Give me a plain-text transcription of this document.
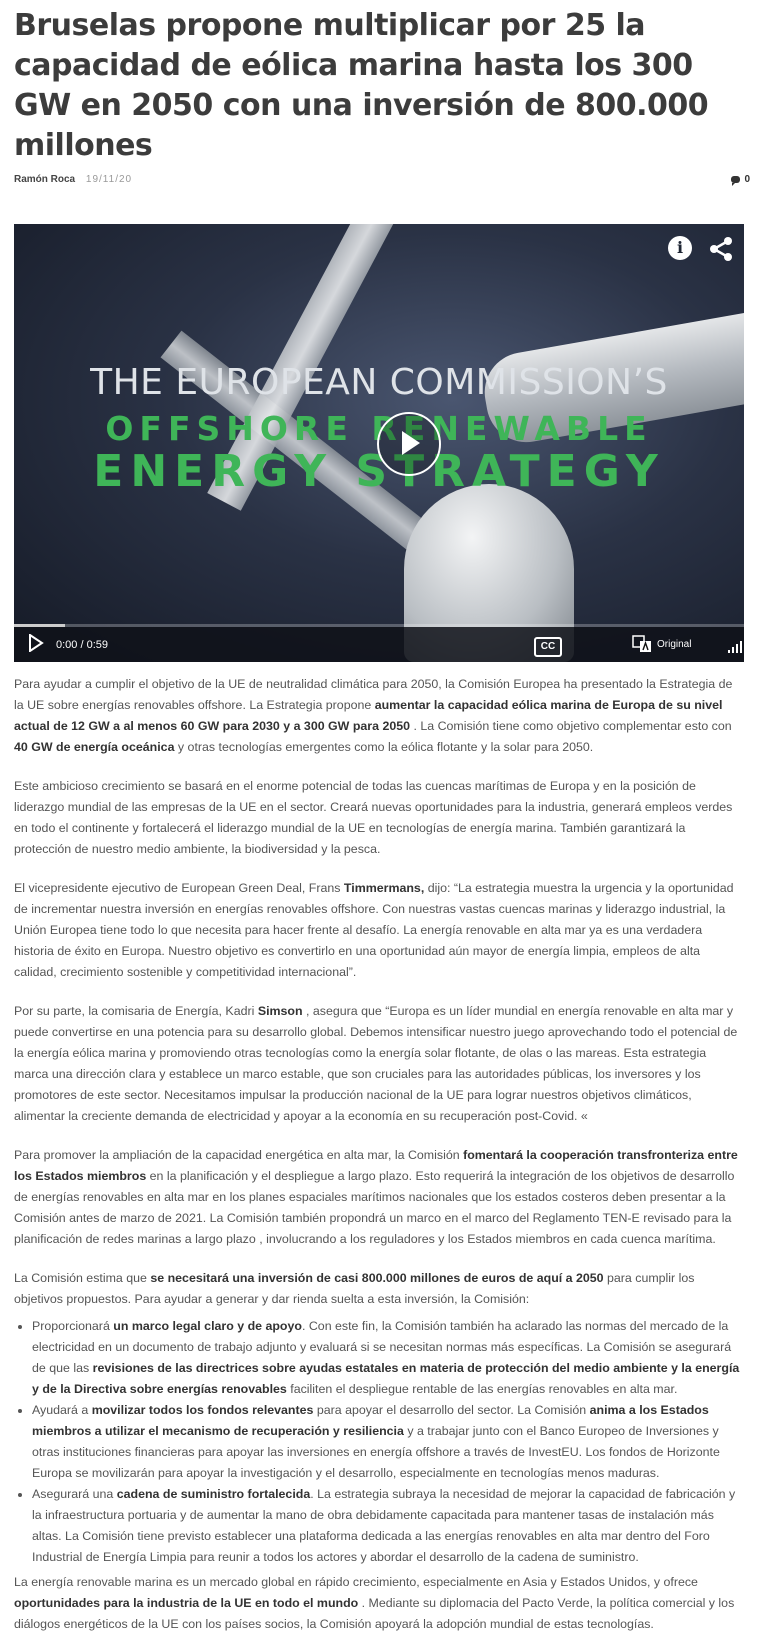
Bruselas propone multiplicar por 25 la capacidad de eólica marina hasta los 300 GW en 2050 con una inversión de 800.000 millones
Ramón Roca 19/11/20	0
THE EUROPEAN COMMISSION’S
OFFSHORE RENEWABLE
ENERGY STRATEGY
i
0:00 / 0:59	CC	Original

Para ayudar a cumplir el objetivo de la UE de neutralidad climática para 2050, la Comisión Europea ha presentado la Estrategia de la UE sobre energías renovables offshore. La Estrategia propone aumentar la capacidad eólica marina de Europa de su nivel actual de 12 GW a al menos 60 GW para 2030 y a 300 GW para 2050 . La Comisión tiene como objetivo complementar esto con 40 GW de energía oceánica y otras tecnologías emergentes como la eólica flotante y la solar para 2050.

Este ambicioso crecimiento se basará en el enorme potencial de todas las cuencas marítimas de Europa y en la posición de liderazgo mundial de las empresas de la UE en el sector. Creará nuevas oportunidades para la industria, generará empleos verdes en todo el continente y fortalecerá el liderazgo mundial de la UE en tecnologías de energía marina. También garantizará la protección de nuestro medio ambiente, la biodiversidad y la pesca.

El vicepresidente ejecutivo de European Green Deal, Frans Timmermans, dijo: “La estrategia muestra la urgencia y la oportunidad de incrementar nuestra inversión en energías renovables offshore. Con nuestras vastas cuencas marinas y liderazgo industrial, la Unión Europea tiene todo lo que necesita para hacer frente al desafío. La energía renovable en alta mar ya es una verdadera historia de éxito en Europa. Nuestro objetivo es convertirlo en una oportunidad aún mayor de energía limpia, empleos de alta calidad, crecimiento sostenible y competitividad internacional”.

Por su parte, la comisaria de Energía, Kadri Simson , asegura que “Europa es un líder mundial en energía renovable en alta mar y puede convertirse en una potencia para su desarrollo global. Debemos intensificar nuestro juego aprovechando todo el potencial de la energía eólica marina y promoviendo otras tecnologías como la energía solar flotante, de olas o las mareas. Esta estrategia marca una dirección clara y establece un marco estable, que son cruciales para las autoridades públicas, los inversores y los promotores de este sector. Necesitamos impulsar la producción nacional de la UE para lograr nuestros objetivos climáticos, alimentar la creciente demanda de electricidad y apoyar a la economía en su recuperación post-Covid. «

Para promover la ampliación de la capacidad energética en alta mar, la Comisión fomentará la cooperación transfronteriza entre los Estados miembros en la planificación y el despliegue a largo plazo. Esto requerirá la integración de los objetivos de desarrollo de energías renovables en alta mar en los planes espaciales marítimos nacionales que los estados costeros deben presentar a la Comisión antes de marzo de 2021. La Comisión también propondrá un marco en el marco del Reglamento TEN-E revisado para la planificación de redes marinas a largo plazo , involucrando a los reguladores y los Estados miembros en cada cuenca marítima.

La Comisión estima que se necesitará una inversión de casi 800.000 millones de euros de aquí a 2050 para cumplir los objetivos propuestos. Para ayudar a generar y dar rienda suelta a esta inversión, la Comisión:

• Proporcionará un marco legal claro y de apoyo. Con este fin, la Comisión también ha aclarado las normas del mercado de la electricidad en un documento de trabajo adjunto y evaluará si se necesitan normas más específicas. La Comisión se asegurará de que las revisiones de las directrices sobre ayudas estatales en materia de protección del medio ambiente y la energía y de la Directiva sobre energías renovables faciliten el despliegue rentable de las energías renovables en alta mar.
• Ayudará a movilizar todos los fondos relevantes para apoyar el desarrollo del sector. La Comisión anima a los Estados miembros a utilizar el mecanismo de recuperación y resiliencia y a trabajar junto con el Banco Europeo de Inversiones y otras instituciones financieras para apoyar las inversiones en energía offshore a través de InvestEU. Los fondos de Horizonte Europa se movilizarán para apoyar la investigación y el desarrollo, especialmente en tecnologías menos maduras.
• Asegurará una cadena de suministro fortalecida. La estrategia subraya la necesidad de mejorar la capacidad de fabricación y la infraestructura portuaria y de aumentar la mano de obra debidamente capacitada para mantener tasas de instalación más altas. La Comisión tiene previsto establecer una plataforma dedicada a las energías renovables en alta mar dentro del Foro Industrial de Energía Limpia para reunir a todos los actores y abordar el desarrollo de la cadena de suministro.

La energía renovable marina es un mercado global en rápido crecimiento, especialmente en Asia y Estados Unidos, y ofrece oportunidades para la industria de la UE en todo el mundo . Mediante su diplomacia del Pacto Verde, la política comercial y los diálogos energéticos de la UE con los países socios, la Comisión apoyará la adopción mundial de estas tecnologías.
